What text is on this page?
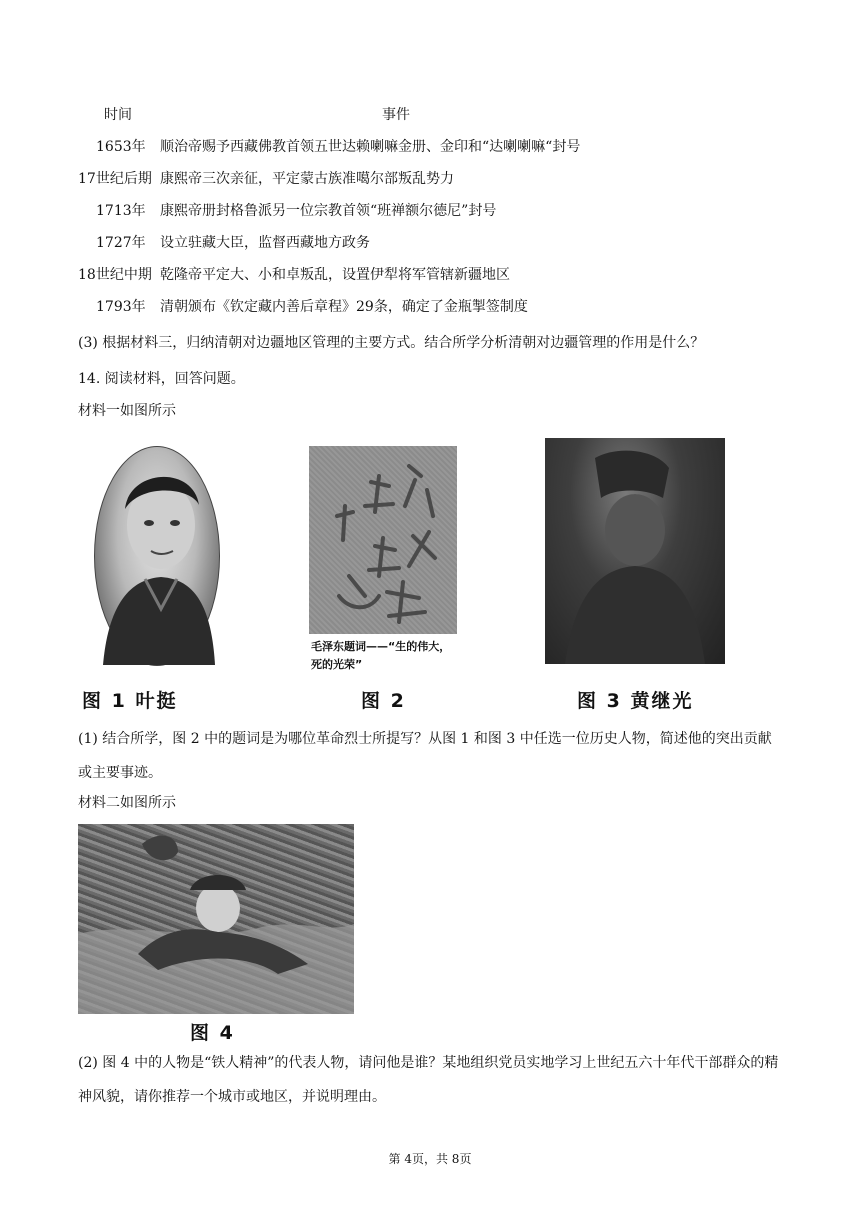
时间	事件
1653年 顺治帝赐予西藏佛教首领五世达赖喇嘛金册、金印和“达喇喇嘛“封号
17世纪后期 康熙帝三次亲征，平定蒙古族准噶尔部叛乱势力
1713年 康熙帝册封格鲁派另一位宗教首领“班禅额尔德尼”封号
1727年 设立驻藏大臣，监督西藏地方政务
18世纪中期 乾隆帝平定大、小和卓叛乱，设置伊犁将军管辖新疆地区
1793年 清朝颁布《钦定藏内善后章程》29条，确定了金瓶掣签制度
(3) 根据材料三，归纳清朝对边疆地区管理的主要方式。结合所学分析清朝对边疆管理的作用是什么？
14. 阅读材料，回答问题。
材料一如图所示
图 1 叶挺
毛泽东题词——“生的伟大，死的光荣”
图 2	图 3 黄继光
(1) 结合所学，图 2 中的题词是为哪位革命烈士所提写？从图 1 和图 3 中任选一位历史人物，简述他的突出贡献或主要事迹。
材料二如图所示
图 4
(2) 图 4 中的人物是“铁人精神”的代表人物，请问他是谁？某地组织党员实地学习上世纪五六十年代干部群众的精神风貌，请你推荐一个城市或地区，并说明理由。
第 4页，共 8页
